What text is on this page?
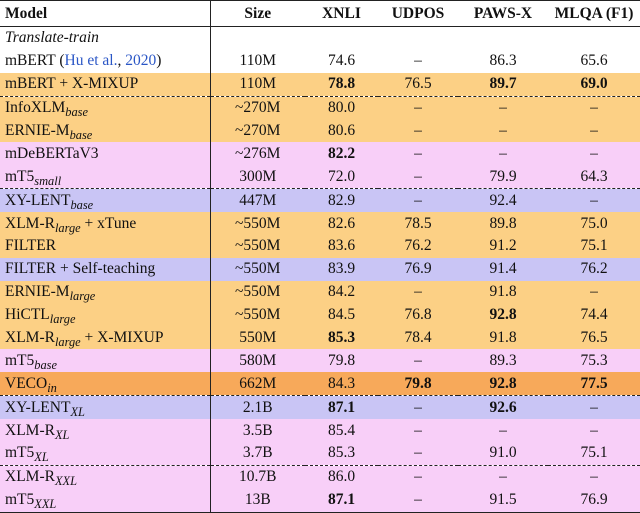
Model	Size	XNLI	UDPOS	PAWS-X	MLQA (F1)
Translate-train					
mBERT (Hu et al., 2020)	110M	74.6	–	86.3	65.6
mBERT + X-MIXUP	110M	78.8	76.5	89.7	69.0
InfoXLM$_{base}$	~270M	80.0	–	–	–
ERNIE-$M_{base}$	~270M	80.6	–	–	–
mDeBERTaV3	~276M	82.2	–	–	–
$mT5_{small}$	300M	72.0	–	79.9	64.3
$XY-LENT_{base}$	447M	82.9	–	92.4	–
XLM-$R_{large}$ + xTune	~550M	82.6	78.5	89.8	75.0
FILTER	~550M	83.6	76.2	91.2	75.1
FILTER + Self-teaching	~550M	83.9	76.9	91.4	76.2
ERNIE-$M_{large}$	~550M	84.2	–	91.8	–
HiCTL$_{large}$	~550M	84.5	76.8	92.8	74.4
XLM-$R_{large}$ + X-MIXUP	550M	85.3	78.4	91.8	76.5
$mT5_{base}$	580M	79.8	–	89.3	75.3
$VECO_{in}$	662M	84.3	79.8	92.8	77.5
$XY-LENT_{XL}$	2.1B	87.1	–	92.6	–
XLM-$R_{XL}$	3.5B	85.4	–	–	–
$mT5_{XL}$	3.7B	85.3	–	91.0	75.1
XLM-$R_{XXL}$	10.7B	86.0	–	–	–
$mT5_{XXL}$	13B	87.1	–	91.5	76.9
